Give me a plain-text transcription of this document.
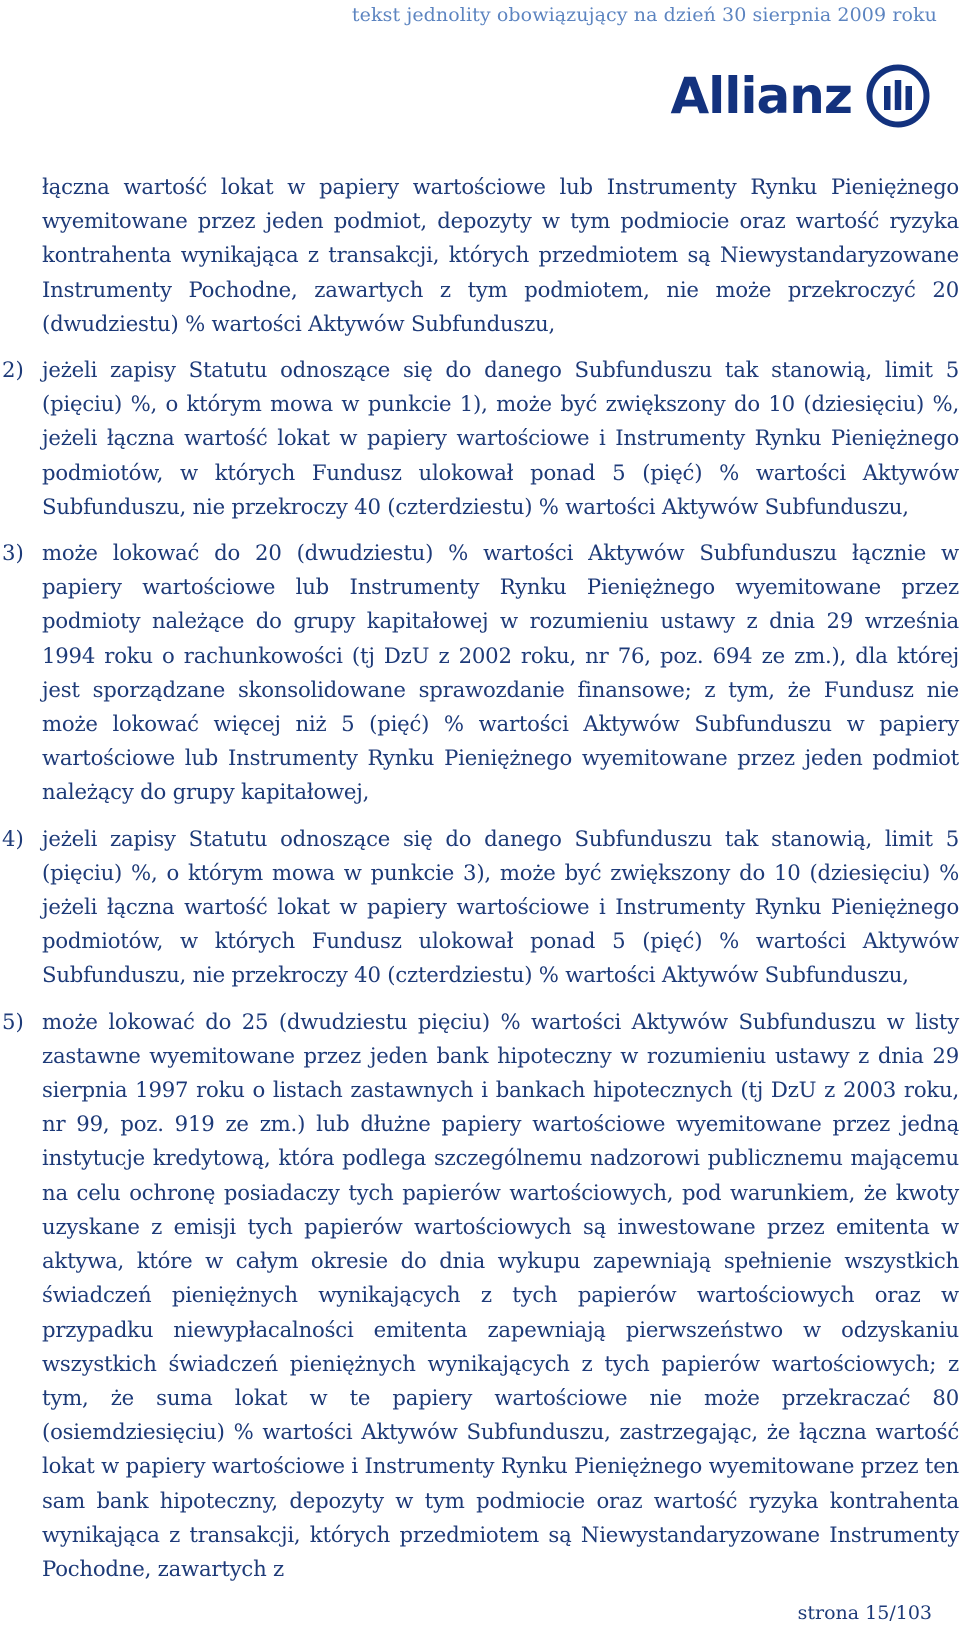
tekst jednolity obowiązujący na dzień 30 sierpnia 2009 roku
Allianz
łączna wartość lokat w papiery wartościowe lub Instrumenty Rynku Pieniężnego wyemitowane przez jeden podmiot, depozyty w tym podmiocie oraz wartość ryzyka kontrahenta wynikająca z transakcji, których przedmiotem są Niewystandaryzowane Instrumenty Pochodne, zawartych z tym podmiotem, nie może przekroczyć 20 (dwudziestu) % wartości Aktywów Subfunduszu,
2) jeżeli zapisy Statutu odnoszące się do danego Subfunduszu tak stanowią, limit 5 (pięciu) %, o którym mowa w punkcie 1), może być zwiększony do 10 (dziesięciu) %, jeżeli łączna wartość lokat w papiery wartościowe i Instrumenty Rynku Pieniężnego podmiotów, w których Fundusz ulokował ponad 5 (pięć) % wartości Aktywów Subfunduszu, nie przekroczy 40 (czterdziestu) % wartości Aktywów Subfunduszu,
3) może lokować do 20 (dwudziestu) % wartości Aktywów Subfunduszu łącznie w papiery wartościowe lub Instrumenty Rynku Pieniężnego wyemitowane przez podmioty należące do grupy kapitałowej w rozumieniu ustawy z dnia 29 września 1994 roku o rachunkowości (tj DzU z 2002 roku, nr 76, poz. 694 ze zm.), dla której jest sporządzane skonsolidowane sprawozdanie finansowe; z tym, że Fundusz nie może lokować więcej niż 5 (pięć) % wartości Aktywów Subfunduszu w papiery wartościowe lub Instrumenty Rynku Pieniężnego wyemitowane przez jeden podmiot należący do grupy kapitałowej,
4) jeżeli zapisy Statutu odnoszące się do danego Subfunduszu tak stanowią, limit 5 (pięciu) %, o którym mowa w punkcie 3), może być zwiększony do 10 (dziesięciu) % jeżeli łączna wartość lokat w papiery wartościowe i Instrumenty Rynku Pieniężnego podmiotów, w których Fundusz ulokował ponad 5 (pięć) % wartości Aktywów Subfunduszu, nie przekroczy 40 (czterdziestu) % wartości Aktywów Subfunduszu,
5) może lokować do 25 (dwudziestu pięciu) % wartości Aktywów Subfunduszu w listy zastawne wyemitowane przez jeden bank hipoteczny w rozumieniu ustawy z dnia 29 sierpnia 1997 roku o listach zastawnych i bankach hipotecznych (tj DzU z 2003 roku, nr 99, poz. 919 ze zm.) lub dłużne papiery wartościowe wyemitowane przez jedną instytucje kredytową, która podlega szczególnemu nadzorowi publicznemu mającemu na celu ochronę posiadaczy tych papierów wartościowych, pod warunkiem, że kwoty uzyskane z emisji tych papierów wartościowych są inwestowane przez emitenta w aktywa, które w całym okresie do dnia wykupu zapewniają spełnienie wszystkich świadczeń pieniężnych wynikających z tych papierów wartościowych oraz w przypadku niewypłacalności emitenta zapewniają pierwszeństwo w odzyskaniu wszystkich świadczeń pieniężnych wynikających z tych papierów wartościowych; z tym, że suma lokat w te papiery wartościowe nie może przekraczać 80 (osiemdziesięciu) % wartości Aktywów Subfunduszu, zastrzegając, że łączna wartość lokat w papiery wartościowe i Instrumenty Rynku Pieniężnego wyemitowane przez ten sam bank hipoteczny, depozyty w tym podmiocie oraz wartość ryzyka kontrahenta wynikająca z transakcji, których przedmiotem są Niewystandaryzowane Instrumenty Pochodne, zawartych z
strona 15/103
